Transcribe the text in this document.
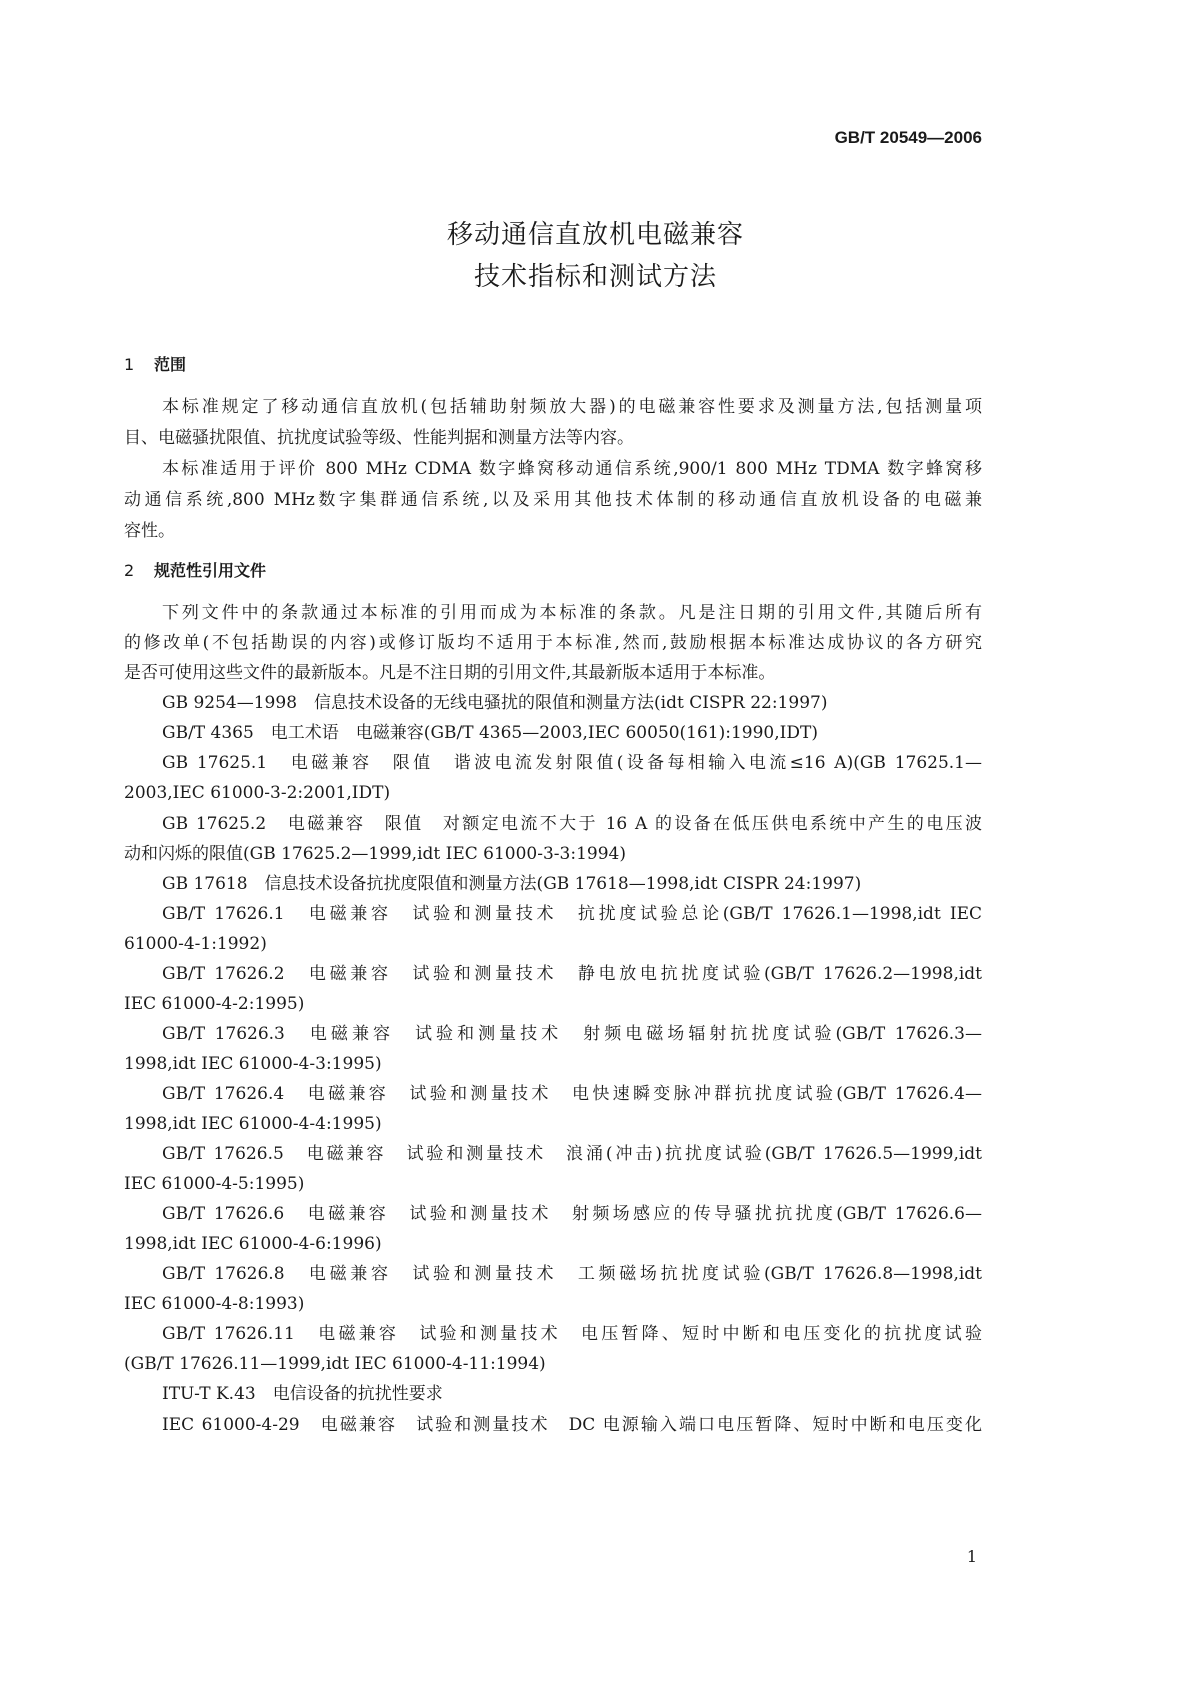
GB/T 20549—2006
移动通信直放机电磁兼容
技术指标和测试方法
1 范围
本标准规定了移动通信直放机(包括辅助射频放大器)的电磁兼容性要求及测量方法,包括测量项
目、电磁骚扰限值、抗扰度试验等级、性能判据和测量方法等内容。
本标准适用于评价 800 MHz CDMA 数字蜂窝移动通信系统,900/1 800 MHz TDMA 数字蜂窝移
动通信系统,800 MHz数字集群通信系统,以及采用其他技术体制的移动通信直放机设备的电磁兼
容性。
2 规范性引用文件
下列文件中的条款通过本标准的引用而成为本标准的条款。凡是注日期的引用文件,其随后所有
的修改单(不包括勘误的内容)或修订版均不适用于本标准,然而,鼓励根据本标准达成协议的各方研究
是否可使用这些文件的最新版本。凡是不注日期的引用文件,其最新版本适用于本标准。
GB 9254—1998　信息技术设备的无线电骚扰的限值和测量方法(idt CISPR 22:1997)
GB/T 4365　电工术语　电磁兼容(GB/T 4365—2003,IEC 60050(161):1990,IDT)
GB 17625.1　电磁兼容　限值　谐波电流发射限值(设备每相输入电流≤16 A)(GB 17625.1—
2003,IEC 61000-3-2:2001,IDT)
GB 17625.2　电磁兼容　限值　对额定电流不大于 16 A 的设备在低压供电系统中产生的电压波
动和闪烁的限值(GB 17625.2—1999,idt IEC 61000-3-3:1994)
GB 17618　信息技术设备抗扰度限值和测量方法(GB 17618—1998,idt CISPR 24:1997)
GB/T 17626.1　电磁兼容　试验和测量技术　抗扰度试验总论(GB/T 17626.1—1998,idt IEC
61000-4-1:1992)
GB/T 17626.2　电磁兼容　试验和测量技术　静电放电抗扰度试验(GB/T 17626.2—1998,idt
IEC 61000-4-2:1995)
GB/T 17626.3　电磁兼容　试验和测量技术　射频电磁场辐射抗扰度试验(GB/T 17626.3—
1998,idt IEC 61000-4-3:1995)
GB/T 17626.4　电磁兼容　试验和测量技术　电快速瞬变脉冲群抗扰度试验(GB/T 17626.4—
1998,idt IEC 61000-4-4:1995)
GB/T 17626.5　电磁兼容　试验和测量技术　浪涌(冲击)抗扰度试验(GB/T 17626.5—1999,idt
IEC 61000-4-5:1995)
GB/T 17626.6　电磁兼容　试验和测量技术　射频场感应的传导骚扰抗扰度(GB/T 17626.6—
1998,idt IEC 61000-4-6:1996)
GB/T 17626.8　电磁兼容　试验和测量技术　工频磁场抗扰度试验(GB/T 17626.8—1998,idt
IEC 61000-4-8:1993)
GB/T 17626.11　电磁兼容　试验和测量技术　电压暂降、短时中断和电压变化的抗扰度试验
(GB/T 17626.11—1999,idt IEC 61000-4-11:1994)
ITU-T K.43　电信设备的抗扰性要求
IEC 61000-4-29　电磁兼容　试验和测量技术　DC 电源输入端口电压暂降、短时中断和电压变化
1
